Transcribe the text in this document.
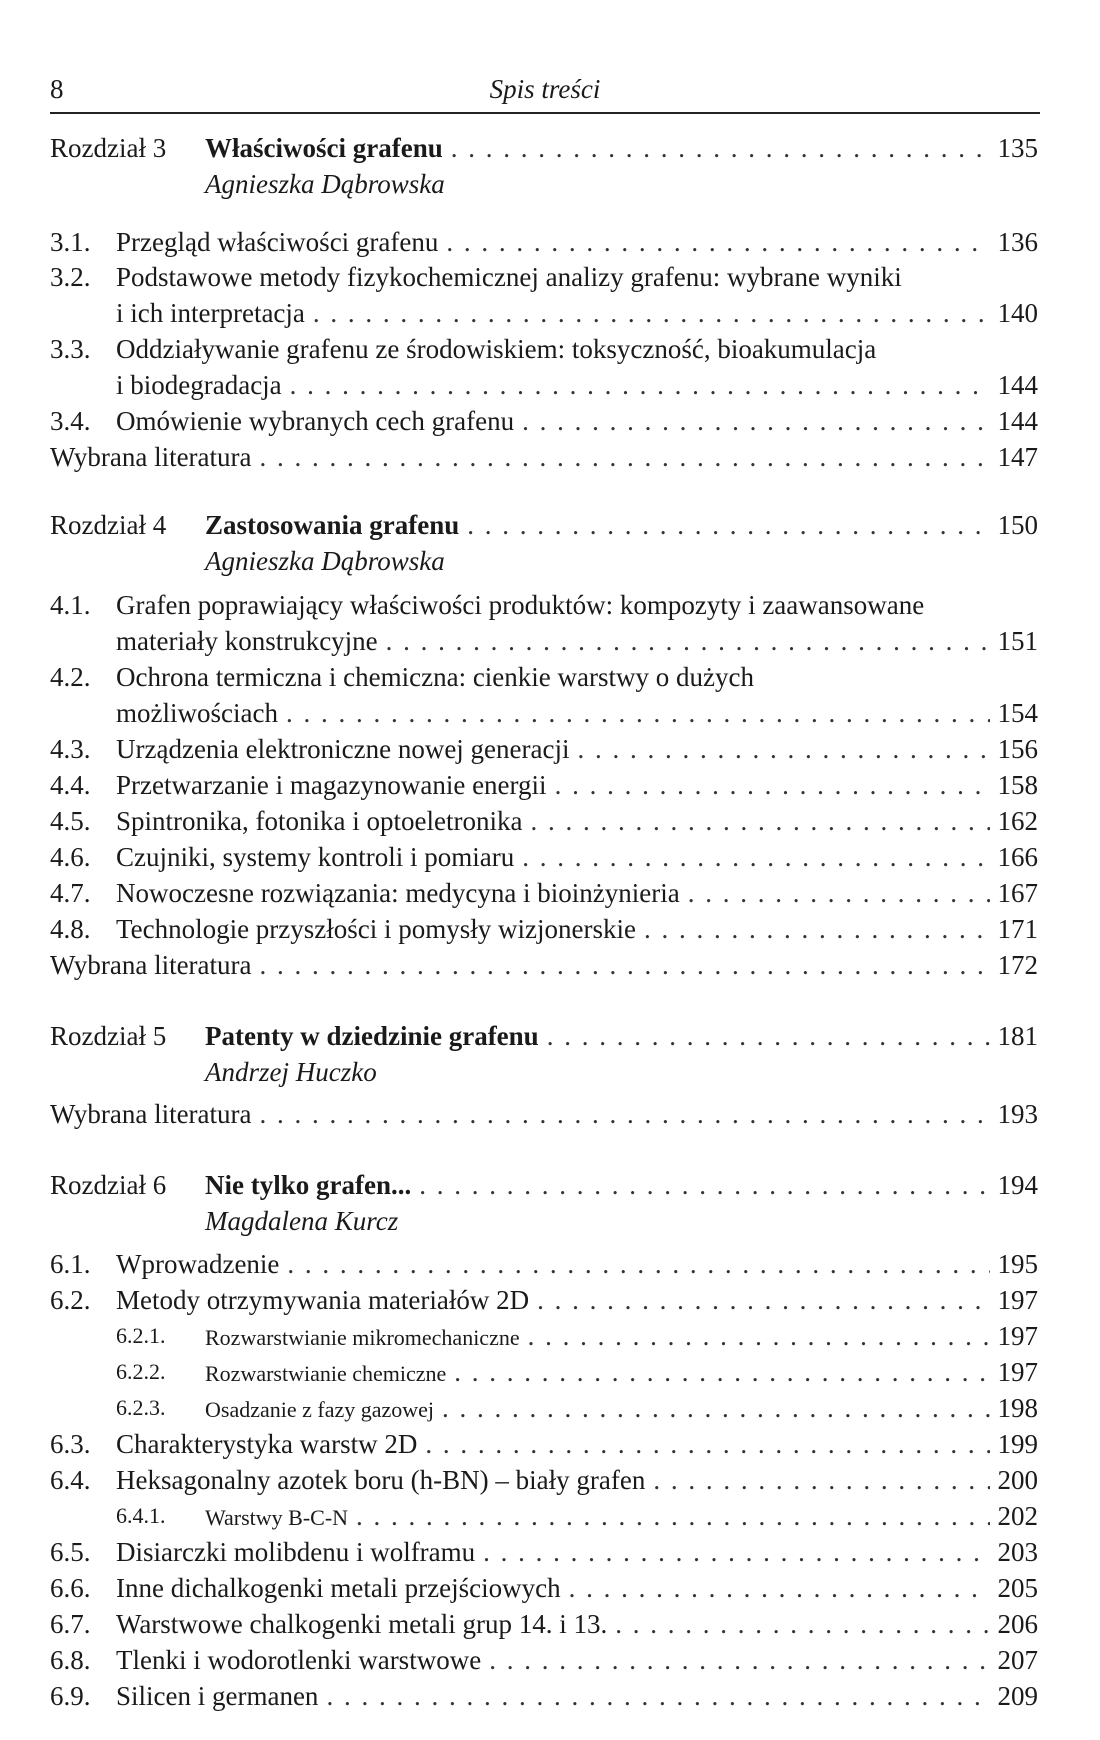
8	Spis treści
Rozdział 3 Właściwości grafenu . . .	135
Agnieszka Dąbrowska
3.1. Przegląd właściwości grafenu . . .	136
3.2. Podstawowe metody fizykochemicznej analizy grafenu: wybrane wyniki
i ich interpretacja . . .	140
3.3. Oddziaływanie grafenu ze środowiskiem: toksyczność, bioakumulacja
i biodegradacja . . .	144
3.4. Omówienie wybranych cech grafenu . . .	144
Wybrana literatura . . .	147
Rozdział 4 Zastosowania grafenu . . .	150
Agnieszka Dąbrowska
4.1. Grafen poprawiający właściwości produktów: kompozyty i zaawansowane
materiały konstrukcyjne . . .	151
4.2. Ochrona termiczna i chemiczna: cienkie warstwy o dużych
możliwościach . . .	154
4.3. Urządzenia elektroniczne nowej generacji . . .	156
4.4. Przetwarzanie i magazynowanie energii . . .	158
4.5. Spintronika, fotonika i optoeletronika . . .	162
4.6. Czujniki, systemy kontroli i pomiaru . . .	166
4.7. Nowoczesne rozwiązania: medycyna i bioinżynieria . . .	167
4.8. Technologie przyszłości i pomysły wizjonerskie . . .	171
Wybrana literatura . . .	172
Rozdział 5 Patenty w dziedzinie grafenu . . .	181
Andrzej Huczko
Wybrana literatura . . .	193
Rozdział 6 Nie tylko grafen... . . .	194
Magdalena Kurcz
6.1. Wprowadzenie . . .	195
6.2. Metody otrzymywania materiałów 2D . . .	197
6.2.1. Rozwarstwianie mikromechaniczne . . .	197
6.2.2. Rozwarstwianie chemiczne . . .	197
6.2.3. Osadzanie z fazy gazowej . . .	198
6.3. Charakterystyka warstw 2D . . .	199
6.4. Heksagonalny azotek boru (h-BN) – biały grafen . . .	200
6.4.1. Warstwy B-C-N . . .	202
6.5. Disiarczki molibdenu i wolframu . . .	203
6.6. Inne dichalkogenki metali przejściowych . . .	205
6.7. Warstwowe chalkogenki metali grup 14. i 13. . . .	206
6.8. Tlenki i wodorotlenki warstwowe . . .	207
6.9. Silicen i germanen . . .	209
